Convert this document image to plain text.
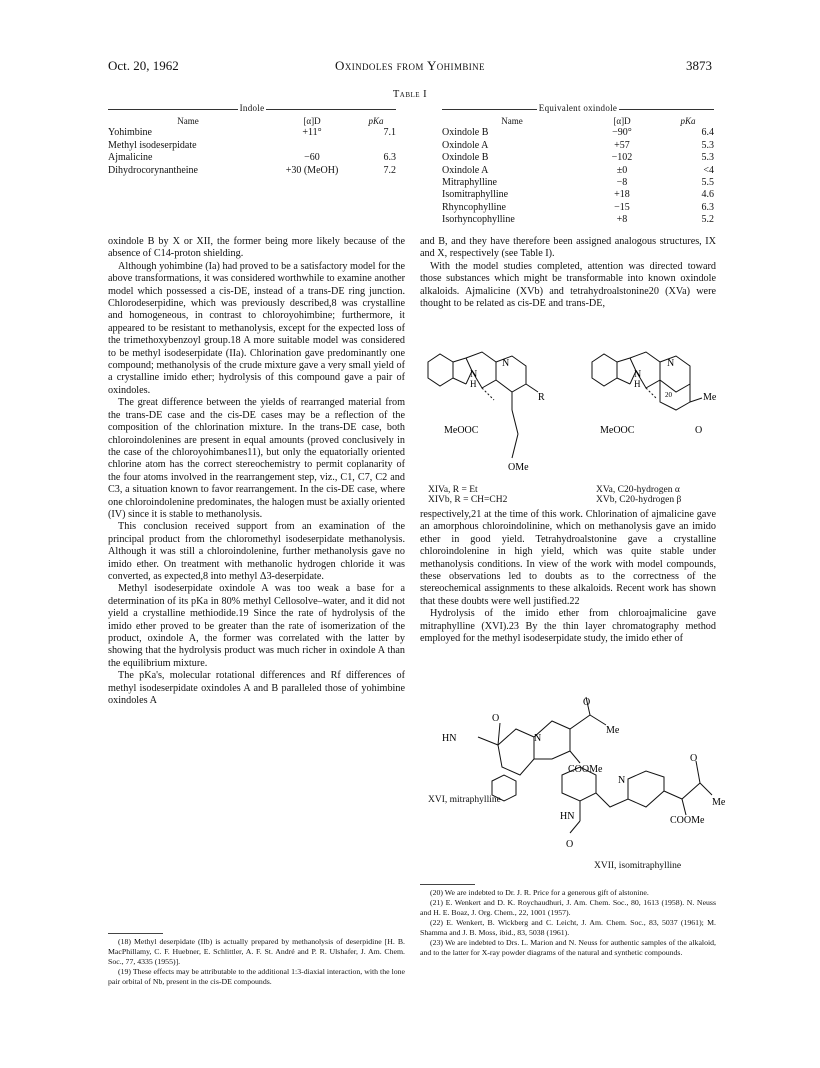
Oct. 20, 1962	Oxindoles from Yohimbine	3873
Table I
Indole
Name	[α]D	pKa
Yohimbine	+11°	7.1

Methyl isodeserpidate		

Ajmalicine	−60	6.3

Dihydrocorynantheine	+30 (MeOH)	7.2
Equivalent oxindole
Name	[α]D	pKa
Oxindole B	−90°	6.4
Oxindole A	+57	5.3
Oxindole B	−102	5.3
Oxindole A	±0	<4
Mitraphylline	−8	5.5
Isomitraphylline	+18	4.6
Rhyncophylline	−15	6.3
Isorhyncophylline	+8	5.2

oxindole B by X or XII, the former being more likely because of the absence of C14-proton shielding.

Although yohimbine (Ia) had proved to be a satisfactory model for the above transformations, it was considered worthwhile to examine another model which possessed a cis-DE, instead of a trans-DE ring junction. Chlorodeserpidine, which was previously described,8 was crystalline and homogeneous, in contrast to chloroyohimbine; furthermore, it appeared to be resistant to methanolysis, except for the expected loss of the trimethoxybenzoyl group.18 A more suitable model was considered to be methyl isodeserpidate (IIa). Chlorination gave predominantly one compound; methanolysis of the crude mixture gave a very small yield of a crystalline imido ether; hydrolysis of this compound gave a pair of oxindoles.

The great difference between the yields of rearranged material from the trans-DE case and the cis-DE cases may be a reflection of the composition of the chlorination mixture. In the trans-DE case, both chloroindolenines are present in equal amounts (proved conclusively in the case of the chloroyohimbanes11), but only the equatorially oriented chlorine atom has the correct stereochemistry to permit coplanarity of the four atoms involved in the rearrangement step, viz., C1, C7, C2 and C3, a situation known to favor rearrangement. In the cis-DE case, where one chloroindolenine predominates, the halogen must be axially oriented (IV) since it is stable to methanolysis.

This conclusion received support from an examination of the principal product from the chloromethyl isodeserpidate methanolysis. Although it was still a chloroindolenine, further methanolysis gave no imido ether. On treatment with methanolic hydrogen chloride it was converted, as expected,8 into methyl Δ3-deserpidate.

Methyl isodeserpidate oxindole A was too weak a base for a determination of its pKa in 80% methyl Cellosolve–water, and it did not yield a crystalline methiodide.19 Since the rate of hydrolysis of the imido ether proved to be greater than the rate of isomerization of the product, oxindole A, the former was correlated with the latter by showing that the hydrolysis product was much richer in oxindole A than the equilibrium mixture.

The pKa's, molecular rotational differences and Rf differences of methyl isodeserpidate oxindoles A and B paralleled those of yohimbine oxindoles A

(18) Methyl deserpidate (IIb) is actually prepared by methanolysis of deserpidine [H. B. MacPhillamy, C. F. Huebner, E. Schlittler, A. F. St. André and P. R. Ulshafer, J. Am. Chem. Soc., 77, 4335 (1955)].

(19) These effects may be attributable to the additional 1:3-diaxial interaction, with the lone pair orbital of Nb, present in the cis-DE compounds.

and B, and they have therefore been assigned analogous structures, IX and X, respectively (see Table I).

With the model studies completed, attention was directed toward those substances which might be transformable into known oxindole alkaloids. Ajmalicine (XVb) and tetrahydroalstonine20 (XVa) were thought to be related as cis-DE and trans-DE,

N
N
H
R
MeOOC
OMe
N
N
H
20	Me
O
MeOOC
XIVa, R = Et
XIVb, R = CH=CH2
XVa, C20-hydrogen α
XVb, C20-hydrogen β

respectively,21 at the time of this work. Chlorination of ajmalicine gave an amorphous chloroindolinine, which on methanolysis gave an imido ether in good yield. Tetrahydroalstonine gave a crystalline chloroindolenine in high yield, which was quite stable under methanolysis conditions. In view of the work with model compounds, these observations led to doubts as to the correctness of the stereochemical assignments to these alkaloids. Recent work has shown that these doubts were well justified.22

Hydrolysis of the imido ether from chloroajmalicine gave mitraphylline (XVI).23 By the thin layer chromatography method employed for the methyl isodeserpidate study, the imido ether of

HN
O
O
N
Me
COOMe
N
O
Me
COOMe
HN
O
XVI, mitraphylline
XVII, isomitraphylline

(20) We are indebted to Dr. J. R. Price for a generous gift of alstonine.

(21) E. Wenkert and D. K. Roychaudhuri, J. Am. Chem. Soc., 80, 1613 (1958). N. Neuss and H. E. Boaz, J. Org. Chem., 22, 1001 (1957).

(22) E. Wenkert, B. Wickberg and C. Leicht, J. Am. Chem. Soc., 83, 5037 (1961); M. Shamma and J. B. Moss, ibid., 83, 5038 (1961).

(23) We are indebted to Drs. L. Marion and N. Neuss for authentic samples of the alkaloid, and to the latter for X-ray powder diagrams of the natural and synthetic compounds.
